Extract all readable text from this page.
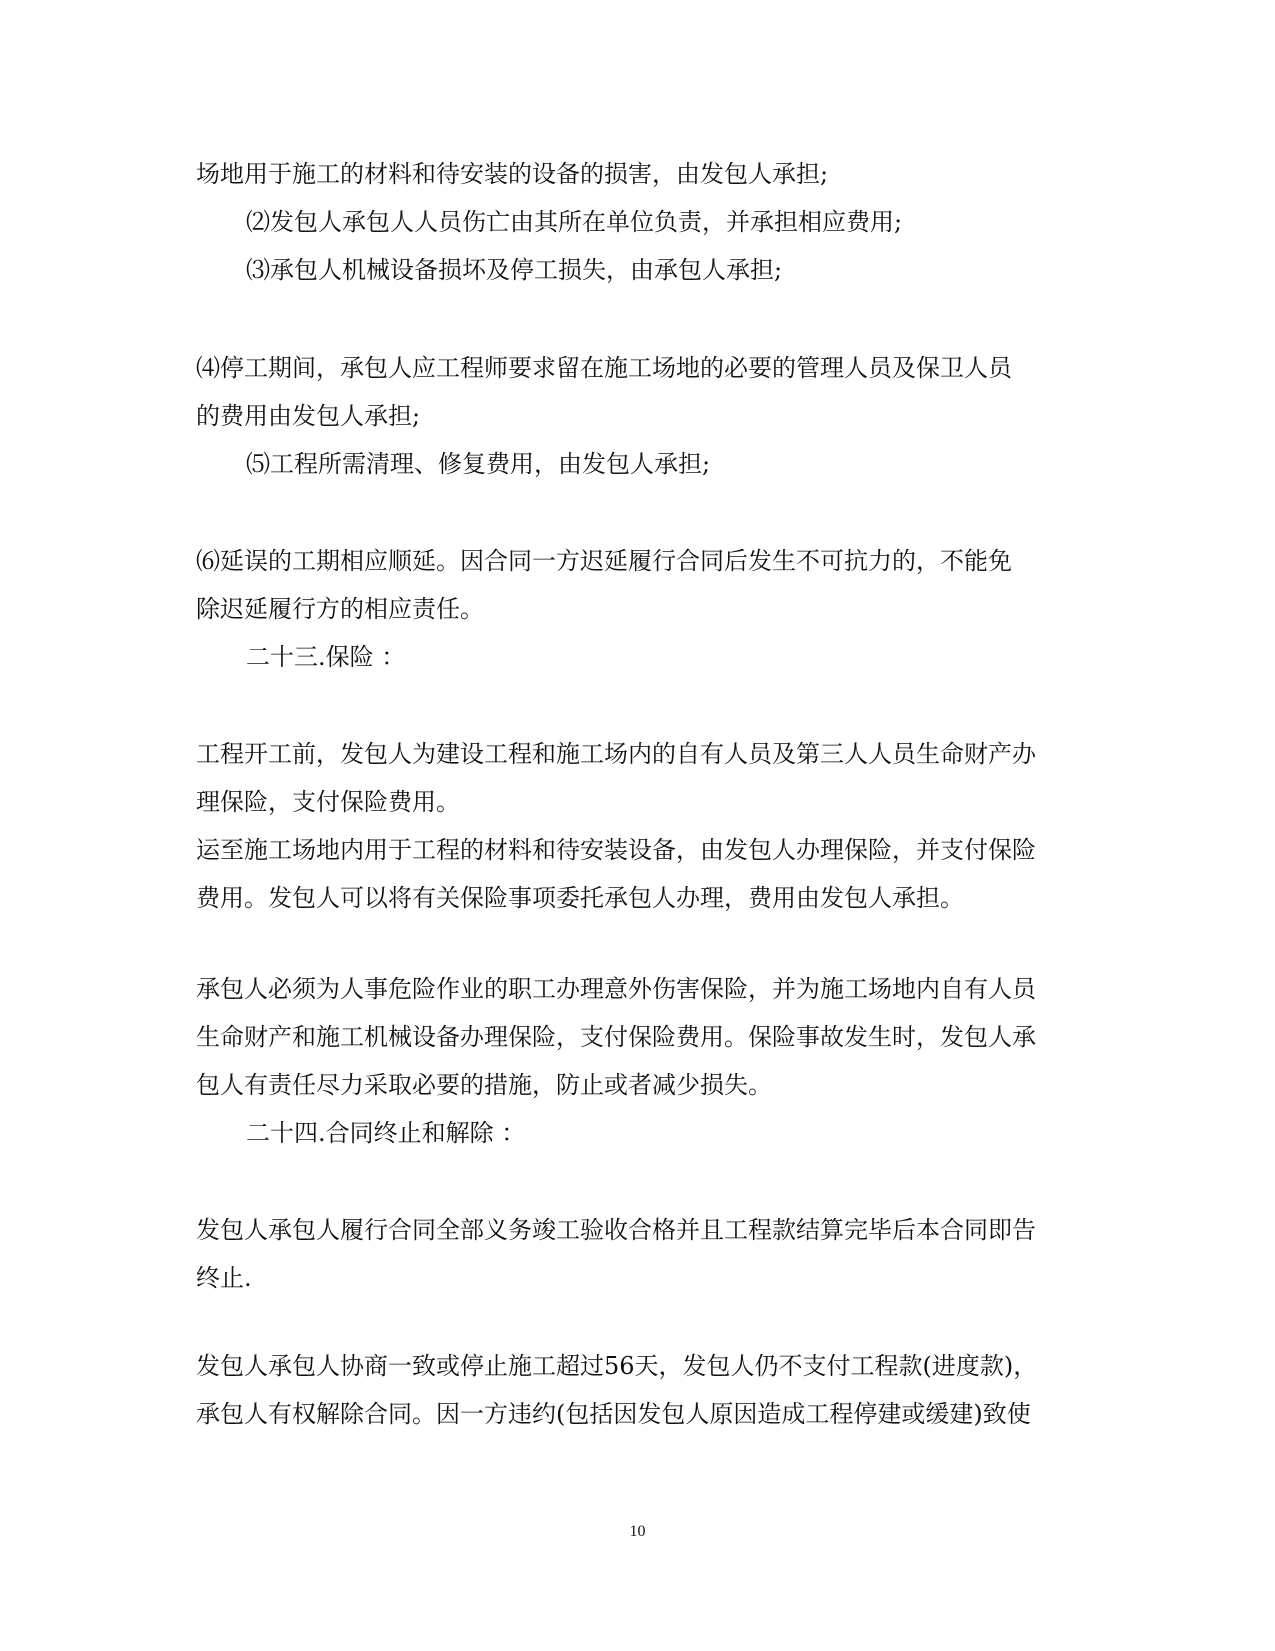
场地用于施工的材料和待安装的设备的损害，由发包人承担;

⑵发包人承包人人员伤亡由其所在单位负责，并承担相应费用;

⑶承包人机械设备损坏及停工损失，由承包人承担;

⑷停工期间，承包人应工程师要求留在施工场地的必要的管理人员及保卫人员
的费用由发包人承担;

⑸工程所需清理、修复费用，由发包人承担;

⑹延误的工期相应顺延。因合同一方迟延履行合同后发生不可抗力的，不能免
除迟延履行方的相应责任。

二十三.保险 ：

工程开工前，发包人为建设工程和施工场内的自有人员及第三人人员生命财产办
理保险，支付保险费用。
运至施工场地内用于工程的材料和待安装设备，由发包人办理保险，并支付保险
费用。发包人可以将有关保险事项委托承包人办理，费用由发包人承担。

承包人必须为人事危险作业的职工办理意外伤害保险，并为施工场地内自有人员
生命财产和施工机械设备办理保险，支付保险费用。保险事故发生时，发包人承
包人有责任尽力采取必要的措施，防止或者减少损失。

二十四.合同终止和解除 ：

发包人承包人履行合同全部义务竣工验收合格并且工程款结算完毕后本合同即告
终止.

发包人承包人协商一致或停止施工超过56天，发包人仍不支付工程款(进度款)，
承包人有权解除合同。因一方违约(包括因发包人原因造成工程停建或缓建)致使

10
